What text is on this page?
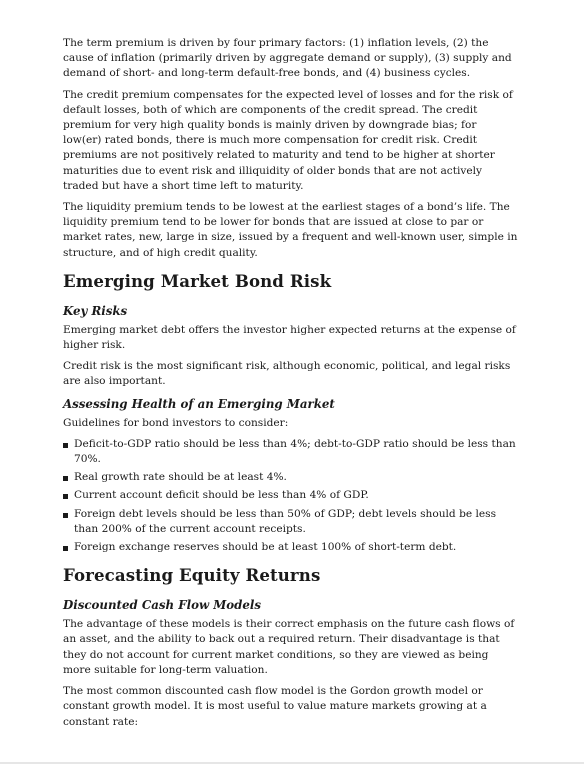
The term premium is driven by four primary factors: (1) inflation levels, (2) the cause of inflation (primarily driven by aggregate demand or supply), (3) supply and demand of short- and long-term default-free bonds, and (4) business cycles.

The credit premium compensates for the expected level of losses and for the risk of default losses, both of which are components of the credit spread. The credit premium for very high quality bonds is mainly driven by downgrade bias; for low(er) rated bonds, there is much more compensation for credit risk. Credit premiums are not positively related to maturity and tend to be higher at shorter maturities due to event risk and illiquidity of older bonds that are not actively traded but have a short time left to maturity.

The liquidity premium tends to be lowest at the earliest stages of a bond’s life. The liquidity premium tend to be lower for bonds that are issued at close to par or market rates, new, large in size, issued by a frequent and well-known user, simple in structure, and of high credit quality.

Emerging Market Bond Risk
Key Risks

Emerging market debt offers the investor higher expected returns at the expense of higher risk.

Credit risk is the most significant risk, although economic, political, and legal risks are also important.

Assessing Health of an Emerging Market

Guidelines for bond investors to consider:

Deficit-to-GDP ratio should be less than 4%; debt-to-GDP ratio should be less than 70%.
Real growth rate should be at least 4%.
Current account deficit should be less than 4% of GDP.
Foreign debt levels should be less than 50% of GDP; debt levels should be less than 200% of the current account receipts.
Foreign exchange reserves should be at least 100% of short-term debt.
Forecasting Equity Returns
Discounted Cash Flow Models

The advantage of these models is their correct emphasis on the future cash flows of an asset, and the ability to back out a required return. Their disadvantage is that they do not account for current market conditions, so they are viewed as being more suitable for long-term valuation.

The most common discounted cash flow model is the Gordon growth model or constant growth model. It is most useful to value mature markets growing at a constant rate:
